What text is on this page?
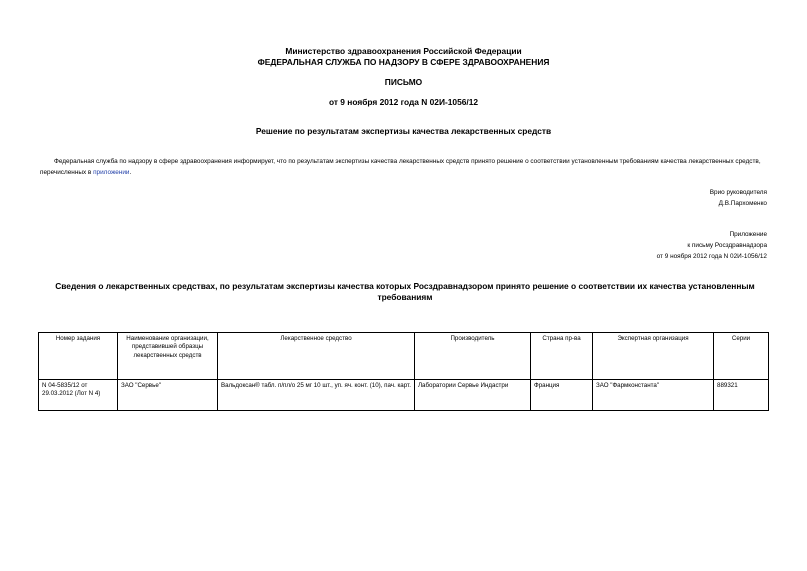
Министерство здравоохранения Российской Федерации
ФЕДЕРАЛЬНАЯ СЛУЖБА ПО НАДЗОРУ В СФЕРЕ ЗДРАВООХРАНЕНИЯ
ПИСЬМО
от 9 ноября 2012 года N 02И-1056/12
Решение по результатам экспертизы качества лекарственных средств
Федеральная служба по надзору в сфере здравоохранения информирует, что по результатам экспертизы качества лекарственных средств принято решение о соответствии установленным требованиям качества лекарственных средств, перечисленных в приложении.
Врио руководителя
Д.В.Пархоменко
Приложение
к письму Росздравнадзора
от 9 ноября 2012 года N 02И-1056/12
Сведения о лекарственных средствах, по результатам экспертизы качества которых Росздравнадзором принято решение о соответствии их качества установленным требованиям
Номер задания	Наименование организации, представившей образцы лекарственных средств	Лекарственное средство	Производитель	Страна пр-ва	Экспертная организация	Серии
N 04-5835/12 от 29.03.2012 (Лот N 4)	ЗАО "Сервье"	Вальдоксан® табл. п/пл/о 25 мг 10 шт., уп. яч. конт. (10), пач. карт.	Лаборатории Сервье Индастри	Франция	ЗАО "Фармконстанта"	889321
